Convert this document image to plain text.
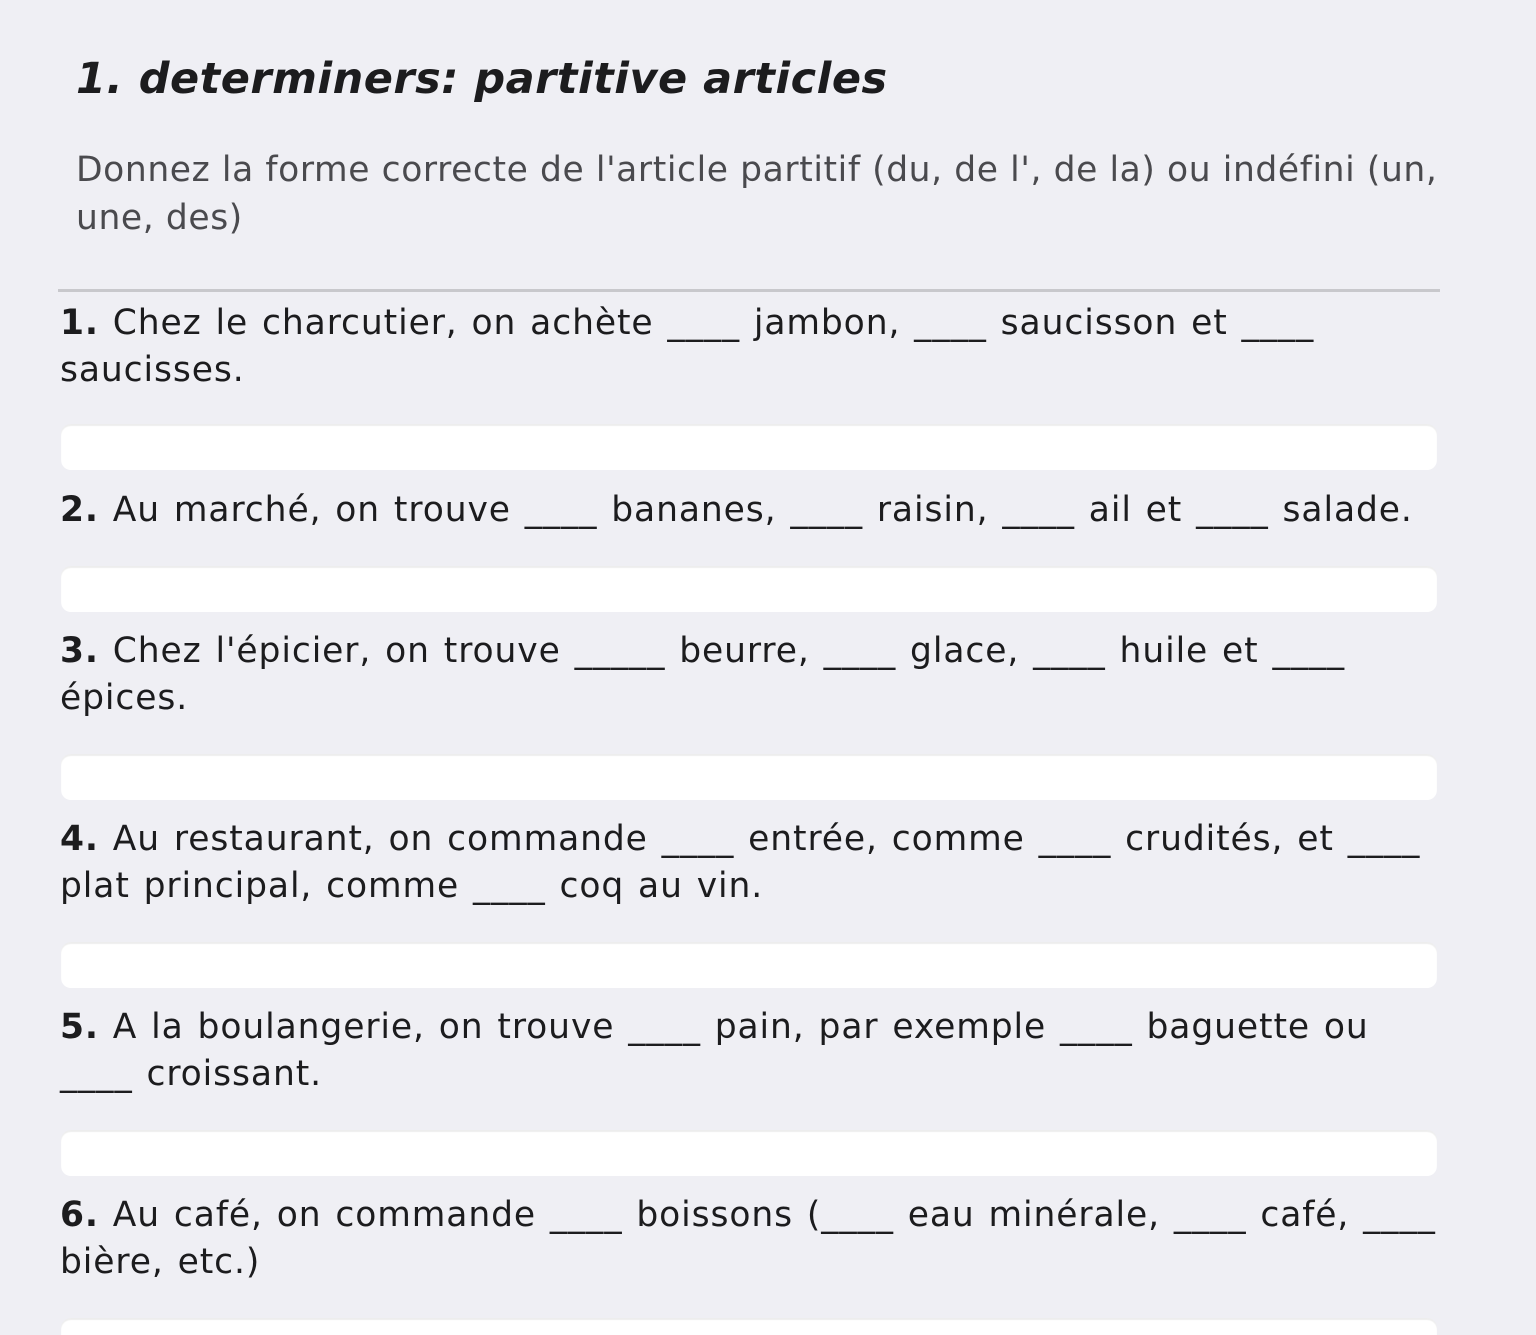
1. determiners: partitive articles

Donnez la forme correcte de l'article partitif (du, de l', de la) ou indéfini (un, une, des)

1. Chez le charcutier, on achète ____ jambon, ____ saucisson et ____ saucisses.

2. Au marché, on trouve ____ bananes, ____ raisin, ____ ail et ____ salade.

3. Chez l'épicier, on trouve _____ beurre, ____ glace, ____ huile et ____ épices.

4. Au restaurant, on commande ____ entrée, comme ____ crudités, et ____ plat principal, comme ____ coq au vin.

5. A la boulangerie, on trouve ____ pain, par exemple ____ baguette ou ____ croissant.

6. Au café, on commande ____ boissons (____ eau minérale, ____ café, ____ bière, etc.)
